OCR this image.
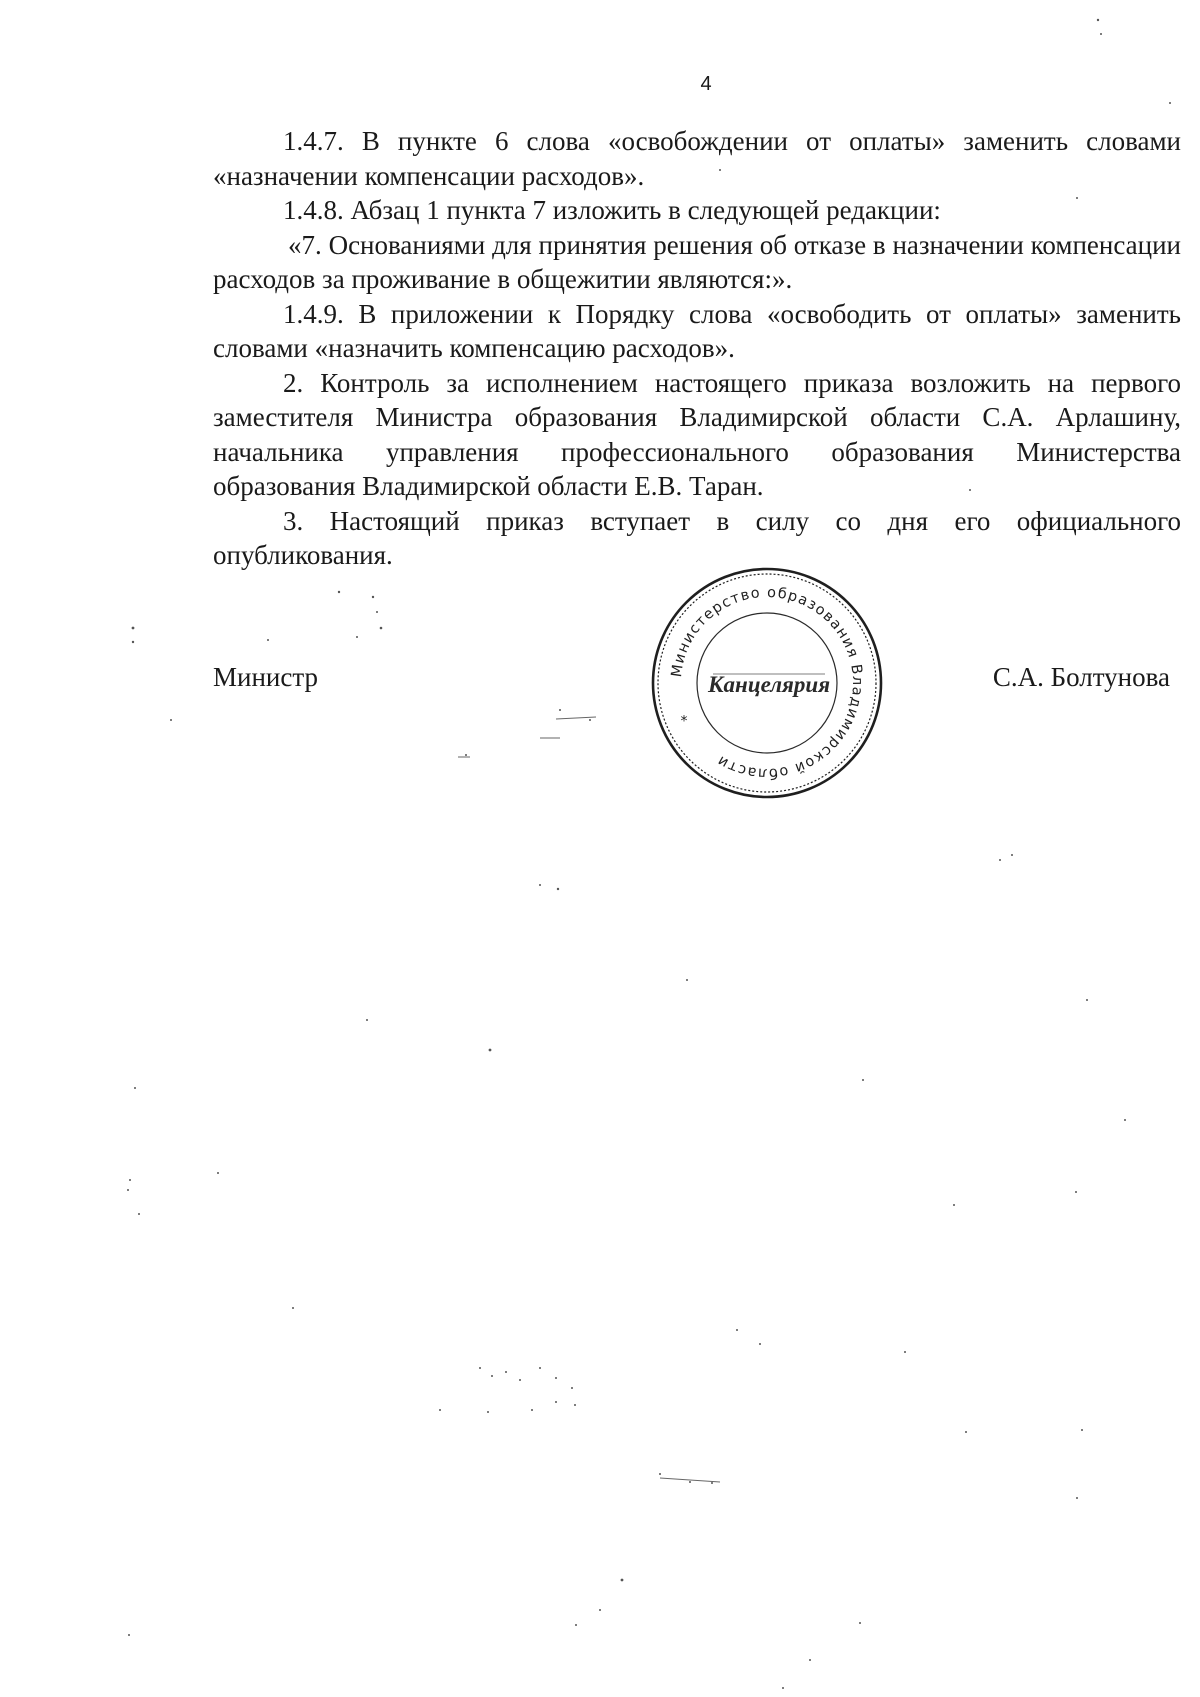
4

1.4.7. В пункте 6 слова «освобождении от оплаты» заменить словами «назначении компенсации расходов».

1.4.8. Абзац 1 пункта 7 изложить в следующей редакции:

«7. Основаниями для принятия решения об отказе в назначении компенсации расходов за проживание в общежитии являются:».

1.4.9. В приложении к Порядку слова «освободить от оплаты» заменить словами «назначить компенсацию расходов».

2. Контроль за исполнением настоящего приказа возложить на первого заместителя Министра образования Владимирской области С.А. Арлашину, начальника управления профессионального образования Министерства образования Владимирской области Е.В. Таран.

3. Настоящий приказ вступает в силу со дня его официального опубликования.

Министр	Министерство образования Владимирской области
*
Канцелярия	С.А. Болтунова
